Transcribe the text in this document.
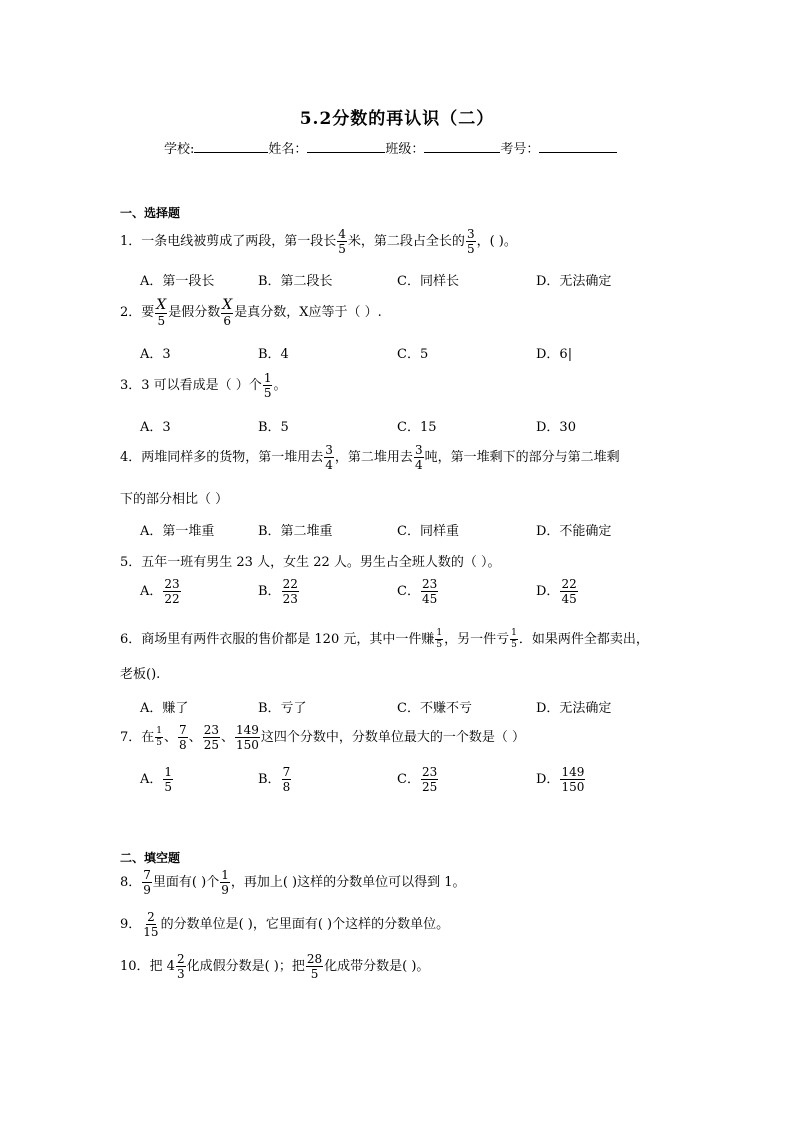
5.2分数的再认识（二）
学校:	姓名：	班级：	考号：
一、选择题
1．一条电线被剪成了两段，第一段长 $\frac{4}{5}$ 米，第二段占全长的 $\frac{3}{5}$ ，( )。
A．第一段长	B．第二段长	C．同样长	D．无法确定
2．要 $\frac{X}{5}$ 是假分数 $\frac{X}{6}$ 是真分数，X应等于（ ）.
A．3	B．4	C．5	D．6|
3．3 可以看成是（ ）个 $\frac{1}{5}$ 。
A．3	B．5	C．15	D．30
4．两堆同样多的货物，第一堆用去 $\frac{3}{4}$ ，第二堆用去 $\frac{3}{4}$ 吨，第一堆剩下的部分与第二堆剩
下的部分相比（ ）
A．第一堆重	B．第二堆重	C．同样重	D．不能确定
5．五年一班有男生 23 人，女生 22 人。男生占全班人数的（ ）。
A． $\frac{23}{22}$	B． $\frac{22}{23}$	C． $\frac{23}{45}$	D． $\frac{22}{45}$
6．商场里有两件衣服的售价都是 120 元，其中一件赚 $\frac{1}{5}$ ，另一件亏 $\frac{1}{5}$ ．如果两件全都卖出，
老板().
A．赚了	B．亏了	C．不赚不亏	D．无法确定
7．在 $\frac{1}{5}$ 、 $\frac{7}{8}$ 、 $\frac{23}{25}$ 、 $\frac{149}{150}$ 这四个分数中，分数单位最大的一个数是（ ）
A． $\frac{1}{5}$	B． $\frac{7}{8}$	C． $\frac{23}{25}$	D． $\frac{149}{150}$
二、填空题
8． $\frac{7}{9}$ 里面有( )个 $\frac{1}{9}$ ，再加上( )这样的分数单位可以得到 1。
9． $\frac{2}{15}$ 的分数单位是( )，它里面有( )个这样的分数单位。
10．把 $4 \frac{2}{3}$ 化成假分数是( )；把 $\frac{28}{5}$ 化成带分数是( )。
